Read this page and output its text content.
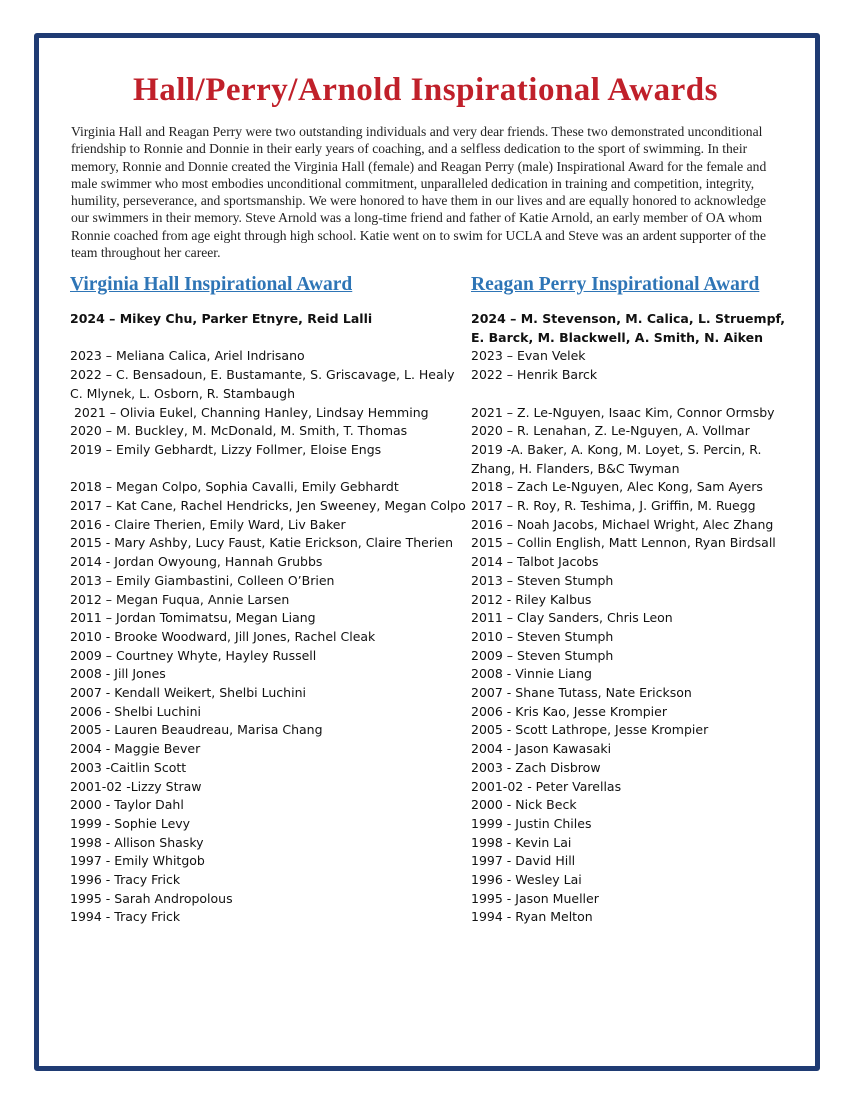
Hall/Perry/Arnold Inspirational Awards

Virginia Hall and Reagan Perry were two outstanding individuals and very dear friends. These two demonstrated unconditional friendship to Ronnie and Donnie in their early years of coaching, and a selfless dedication to the sport of swimming. In their memory, Ronnie and Donnie created the Virginia Hall (female) and Reagan Perry (male) Inspirational Award for the female and male swimmer who most embodies unconditional commitment, unparalleled dedication in training and competition, integrity, humility, perseverance, and sportsmanship. We were honored to have them in our lives and are equally honored to acknowledge our swimmers in their memory. Steve Arnold was a long-time friend and father of Katie Arnold, an early member of OA whom Ronnie coached from age eight through high school. Katie went on to swim for UCLA and Steve was an ardent supporter of the team throughout her career.

Virginia Hall Inspirational Award
2024 – Mikey Chu, Parker Etnyre, Reid Lalli
2023 – Meliana Calica, Ariel Indrisano
2022 – C. Bensadoun, E. Bustamante, S. Griscavage, L. Healy
C. Mlynek, L. Osborn, R. Stambaugh
2021 – Olivia Eukel, Channing Hanley, Lindsay Hemming
2020 – M. Buckley, M. McDonald, M. Smith, T. Thomas
2019 – Emily Gebhardt, Lizzy Follmer, Eloise Engs
2018 – Megan Colpo, Sophia Cavalli, Emily Gebhardt
2017 – Kat Cane, Rachel Hendricks, Jen Sweeney, Megan Colpo
2016 - Claire Therien, Emily Ward, Liv Baker
2015 - Mary Ashby, Lucy Faust, Katie Erickson, Claire Therien
2014 - Jordan Owyoung, Hannah Grubbs
2013 – Emily Giambastini, Colleen O’Brien
2012 – Megan Fuqua, Annie Larsen
2011 – Jordan Tomimatsu, Megan Liang
2010 - Brooke Woodward, Jill Jones, Rachel Cleak
2009 – Courtney Whyte, Hayley Russell
2008 - Jill Jones
2007 - Kendall Weikert, Shelbi Luchini
2006 - Shelbi Luchini
2005 - Lauren Beaudreau, Marisa Chang
2004 - Maggie Bever
2003 -Caitlin Scott
2001-02 -Lizzy Straw
2000 - Taylor Dahl
1999 - Sophie Levy
1998 - Allison Shasky
1997 - Emily Whitgob
1996 - Tracy Frick
1995 - Sarah Andropolous
1994 - Tracy Frick
Reagan Perry Inspirational Award
2024 – M. Stevenson, M. Calica, L. Struempf, E. Barck, M. Blackwell, A. Smith, N. Aiken
2023 – Evan Velek
2022 – Henrik Barck
2021 – Z. Le-Nguyen, Isaac Kim, Connor Ormsby
2020 – R. Lenahan, Z. Le-Nguyen, A. Vollmar
2019 -A. Baker, A. Kong, M. Loyet, S. Percin, R. Zhang, H. Flanders, B&C Twyman
2018 – Zach Le-Nguyen, Alec Kong, Sam Ayers
2017 – R. Roy, R. Teshima, J. Griffin, M. Ruegg
2016 – Noah Jacobs, Michael Wright, Alec Zhang
2015 – Collin English, Matt Lennon, Ryan Birdsall
2014 – Talbot Jacobs
2013 – Steven Stumph
2012 - Riley Kalbus
2011 – Clay Sanders, Chris Leon
2010 – Steven Stumph
2009 – Steven Stumph
2008 - Vinnie Liang
2007 - Shane Tutass, Nate Erickson
2006 - Kris Kao, Jesse Krompier
2005 - Scott Lathrope, Jesse Krompier
2004 - Jason Kawasaki
2003 - Zach Disbrow
2001-02 - Peter Varellas
2000 - Nick Beck
1999 - Justin Chiles
1998 - Kevin Lai
1997 - David Hill
1996 - Wesley Lai
1995 - Jason Mueller
1994 - Ryan Melton
